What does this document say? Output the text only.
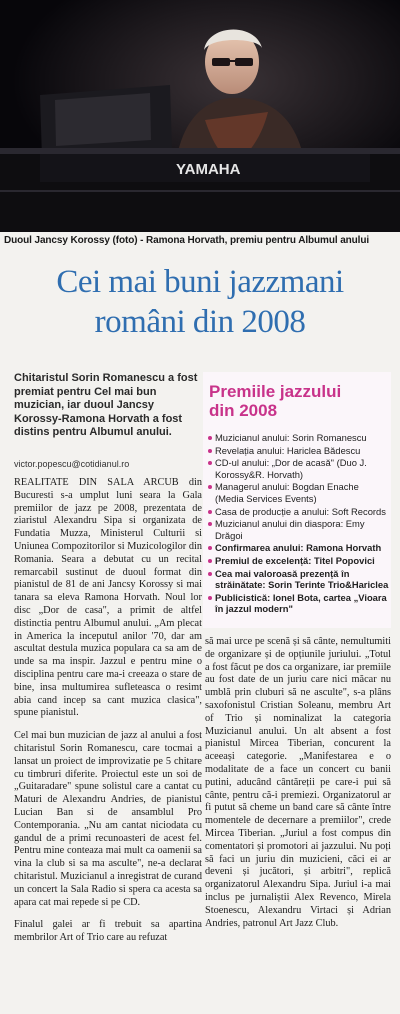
YAMAHA
Duoul Jancsy Korossy (foto) - Ramona Horvath, premiu pentru Albumul anului
Cei mai buni jazzmani
români din 2008
Chitaristul Sorin Romanescu a fost premiat pentru Cel mai bun muzician, iar duoul Jancsy Korossy-Ramona Horvath a fost distins pentru Albumul anului.
victor.popescu@cotidianul.ro

REALITATE DIN SALA ARCUB din Bucuresti s-a umplut luni seara la Gala premiilor de jazz pe 2008, prezentata de ziaristul Alexandru Sipa si organizata de Fundatia Muzza, Ministerul Culturii si Uniunea Compozitorilor si Muzicologilor din Romania. Seara a debutat cu un recital remarcabil sustinut de duoul format din pianistul de 81 de ani Jancsy Korossy si mai tanara sa eleva Ramona Horvath. Noul lor disc „Dor de casa", a primit de altfel distinctia pentru Albumul anului. „Am plecat in America la inceputul anilor '70, dar am ascultat destula muzica populara ca sa am de unde sa ma inspir. Jazzul e pentru mine o disciplina pentru care ma-i creeaza o stare de bine, insa multumirea sufleteasca o resimt abia cand incep sa cant muzica clasica", spune pianistul.

Cel mai bun muzician de jazz al anului a fost chitaristul Sorin Romanescu, care tocmai a lansat un proiect de improvizatie pe 5 chitare cu timbruri diferite. Proiectul este un soi de „Guitaradare" spune solistul care a cantat cu Maturi de Alexandru Andries, de pianistul Lucian Ban si de ansamblul Pro Contemporania. „Nu am cantat niciodata cu gandul de a primi recunoasteri de acest fel. Pentru mine conteaza mai mult ca oamenii sa vina la club si sa ma asculte", ne-a declarat chitaristul. Muzicianul a inregistrat de curand un concert la Sala Radio si spera ca acesta sa apara cat mai repede si pe CD.

Finalul galei ar fi trebuit sa apartina membrilor Art of Trio care au refuzat

Premiile jazzului
din 2008
Muzicianul anului: Sorin Romanescu
Revelația anului: Hariclea Bădescu
CD-ul anului: „Dor de acasă" (Duo J. Korossy&R. Horvath)
Managerul anului: Bogdan Enache (Media Services Events)
Casa de producție a anului: Soft Records
Muzicianul anului din diaspora: Emy Drăgoi
Confirmarea anului: Ramona Horvath
Premiul de excelență: Titel Popovici
Cea mai valoroasă prezență în străinătate: Sorin Terinte Trio&Hariclea
Publicistică: Ionel Bota, cartea „Vioara în jazzul modern"
să mai urce pe scenă și să cânte, nemultumiti de organizare și de opțiunile juriului. „Totul a fost făcut pe dos ca organizare, iar premiile au fost date de un juriu care nici măcar nu umblă prin cluburi să ne asculte", s-a plâns saxofonistul Cristian Soleanu, membru Art of Trio și nominalizat la categoria Muzicianul anului. Un alt absent a fost pianistul Mircea Tiberian, concurent la aceeași categorie. „Manifestarea e o modalitate de a face un concert cu banii putini, aducând cântăreții pe care-i pui să cânte, pentru că-i premiezi. Organizatorul ar fi putut să cheme un band care să cânte între momentele de decernare a premiilor", crede Mircea Tiberian. „Juriul a fost compus din comentatori și promotori ai jazzului. Nu poți să faci un juriu din muzicieni, căci ei ar deveni și jucători, și arbitri", replică organizatorul Alexandru Sipa. Juriul i-a mai inclus pe jurnaliștii Alex Revenco, Mirela Stoenescu, Alexandru Virtaci și Adrian Andries, patronul Art Jazz Club.
